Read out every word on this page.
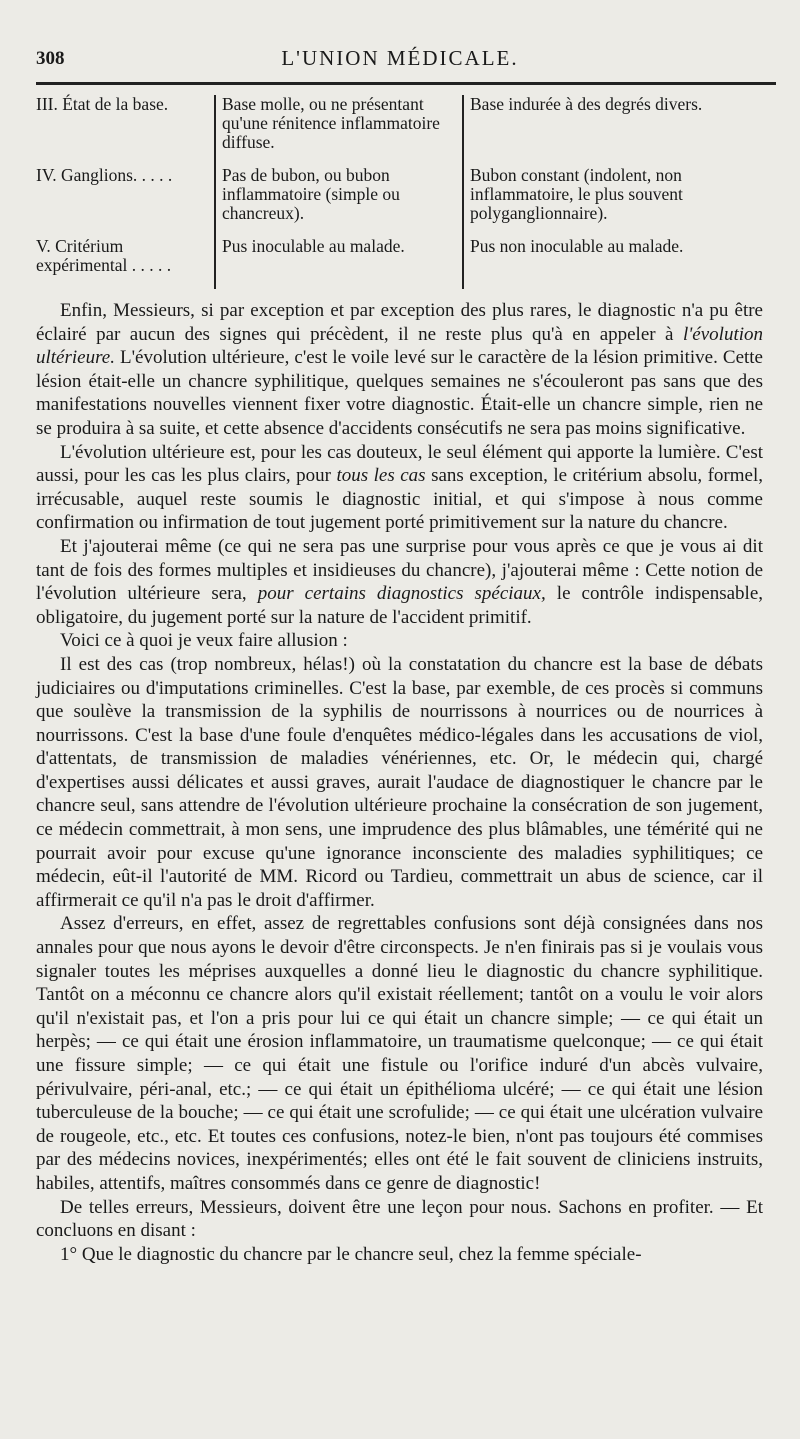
308	L'UNION MÉDICALE.
III. État de la base.	Base molle, ou ne présentant qu'une rénitence inflammatoire diffuse.	Base indurée à des degrés divers.
IV. Ganglions. . . . .	Pas de bubon, ou bubon inflammatoire (simple ou chancreux).	Bubon constant (indolent, non inflammatoire, le plus souvent polyganglionnaire).
V. Critérium expérimental . . . . .	Pus inoculable au malade.	Pus non inoculable au malade.

Enfin, Messieurs, si par exception et par exception des plus rares, le diagnostic n'a pu être éclairé par aucun des signes qui précèdent, il ne reste plus qu'à en appeler à l'évolution ultérieure. L'évolution ultérieure, c'est le voile levé sur le caractère de la lésion primitive. Cette lésion était-elle un chancre syphilitique, quelques semaines ne s'écouleront pas sans que des manifestations nouvelles viennent fixer votre diagnostic. Était-elle un chancre simple, rien ne se produira à sa suite, et cette absence d'accidents consécutifs ne sera pas moins significative.

L'évolution ultérieure est, pour les cas douteux, le seul élément qui apporte la lumière. C'est aussi, pour les cas les plus clairs, pour tous les cas sans exception, le critérium absolu, formel, irrécusable, auquel reste soumis le diagnostic initial, et qui s'impose à nous comme confirmation ou infirmation de tout jugement porté primitivement sur la nature du chancre.

Et j'ajouterai même (ce qui ne sera pas une surprise pour vous après ce que je vous ai dit tant de fois des formes multiples et insidieuses du chancre), j'ajouterai même : Cette notion de l'évolution ultérieure sera, pour certains diagnostics spéciaux, le contrôle indispensable, obligatoire, du jugement porté sur la nature de l'accident primitif.

Voici ce à quoi je veux faire allusion :

Il est des cas (trop nombreux, hélas!) où la constatation du chancre est la base de débats judiciaires ou d'imputations criminelles. C'est la base, par exemble, de ces procès si communs que soulève la transmission de la syphilis de nourrissons à nourrices ou de nourrices à nourrissons. C'est la base d'une foule d'enquêtes médico-légales dans les accusations de viol, d'attentats, de transmission de maladies vénériennes, etc. Or, le médecin qui, chargé d'expertises aussi délicates et aussi graves, aurait l'audace de diagnostiquer le chancre par le chancre seul, sans attendre de l'évolution ultérieure prochaine la consécration de son jugement, ce médecin commettrait, à mon sens, une imprudence des plus blâmables, une témérité qui ne pourrait avoir pour excuse qu'une ignorance inconsciente des maladies syphilitiques; ce médecin, eût-il l'autorité de MM. Ricord ou Tardieu, commettrait un abus de science, car il affirmerait ce qu'il n'a pas le droit d'affirmer.

Assez d'erreurs, en effet, assez de regrettables confusions sont déjà consignées dans nos annales pour que nous ayons le devoir d'être circonspects. Je n'en finirais pas si je voulais vous signaler toutes les méprises auxquelles a donné lieu le diagnostic du chancre syphilitique. Tantôt on a méconnu ce chancre alors qu'il existait réellement; tantôt on a voulu le voir alors qu'il n'existait pas, et l'on a pris pour lui ce qui était un chancre simple; — ce qui était un herpès; — ce qui était une érosion inflammatoire, un traumatisme quelconque; — ce qui était une fissure simple; — ce qui était une fistule ou l'orifice induré d'un abcès vulvaire, périvulvaire, péri-anal, etc.; — ce qui était un épithélioma ulcéré; — ce qui était une lésion tuberculeuse de la bouche; — ce qui était une scrofulide; — ce qui était une ulcération vulvaire de rougeole, etc., etc. Et toutes ces confusions, notez-le bien, n'ont pas toujours été commises par des médecins novices, inexpérimentés; elles ont été le fait souvent de cliniciens instruits, habiles, attentifs, maîtres consommés dans ce genre de diagnostic!

De telles erreurs, Messieurs, doivent être une leçon pour nous. Sachons en profiter. — Et concluons en disant :

1° Que le diagnostic du chancre par le chancre seul, chez la femme spéciale-
